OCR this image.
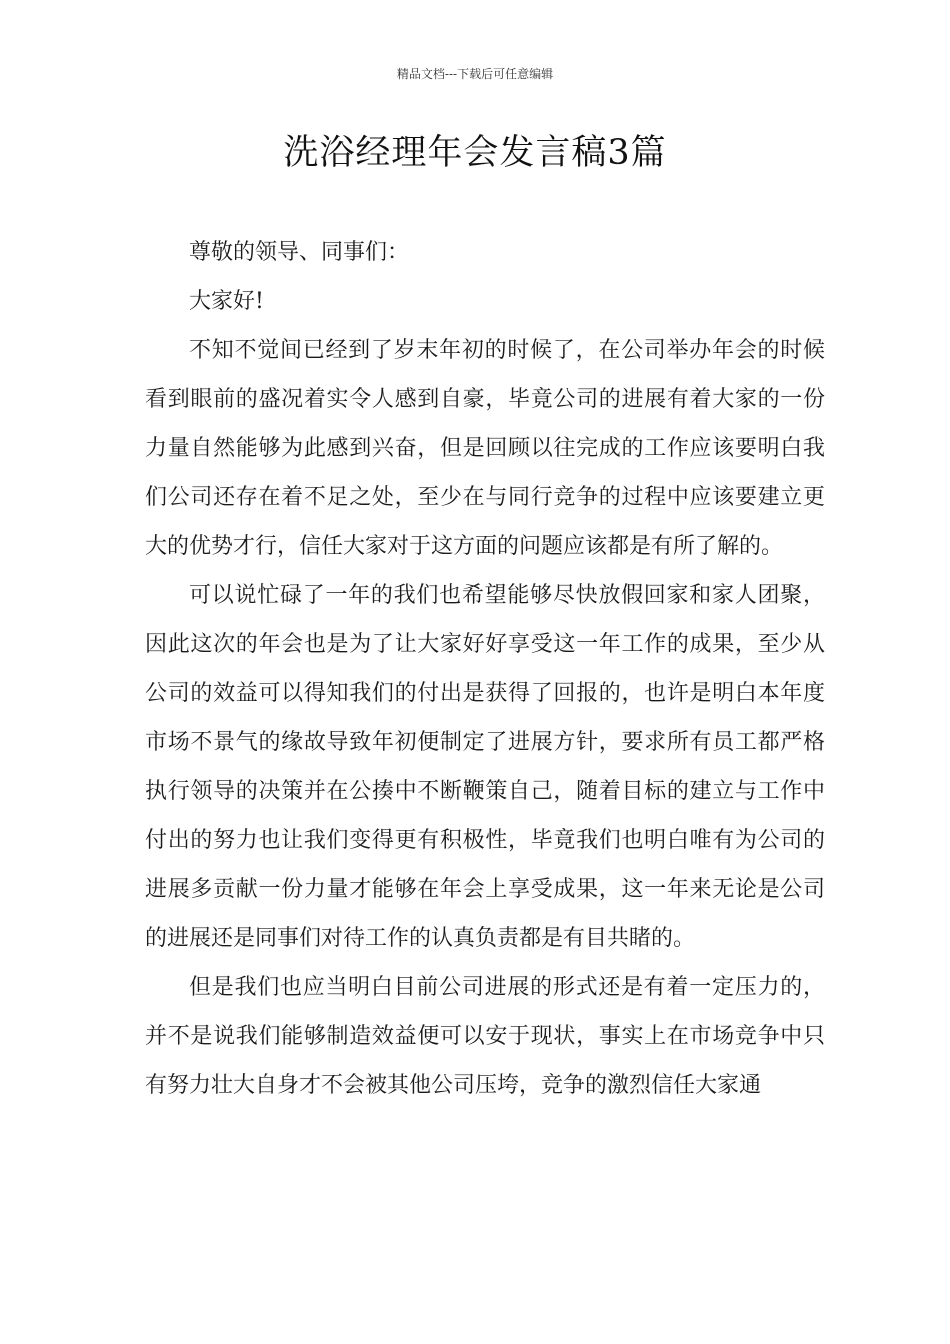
精品文档---下载后可任意编辑
洗浴经理年会发言稿3篇

尊敬的领导、同事们：

大家好!

不知不觉间已经到了岁末年初的时候了，在公司举办年会的时候看到眼前的盛况着实令人感到自豪，毕竟公司的进展有着大家的一份力量自然能够为此感到兴奋，但是回顾以往完成的工作应该要明白我们公司还存在着不足之处，至少在与同行竞争的过程中应该要建立更大的优势才行，信任大家对于这方面的问题应该都是有所了解的。

可以说忙碌了一年的我们也希望能够尽快放假回家和家人团聚，因此这次的年会也是为了让大家好好享受这一年工作的成果，至少从公司的效益可以得知我们的付出是获得了回报的，也许是明白本年度市场不景气的缘故导致年初便制定了进展方针，要求所有员工都严格执行领导的决策并在公揍中不断鞭策自己，随着目标的建立与工作中付出的努力也让我们变得更有积极性，毕竟我们也明白唯有为公司的进展多贡献一份力量才能够在年会上享受成果，这一年来无论是公司的进展还是同事们对待工作的认真负责都是有目共睹的。

但是我们也应当明白目前公司进展的形式还是有着一定压力的，并不是说我们能够制造效益便可以安于现状，事实上在市场竞争中只有努力壮大自身才不会被其他公司压垮，竞争的激烈信任大家通
